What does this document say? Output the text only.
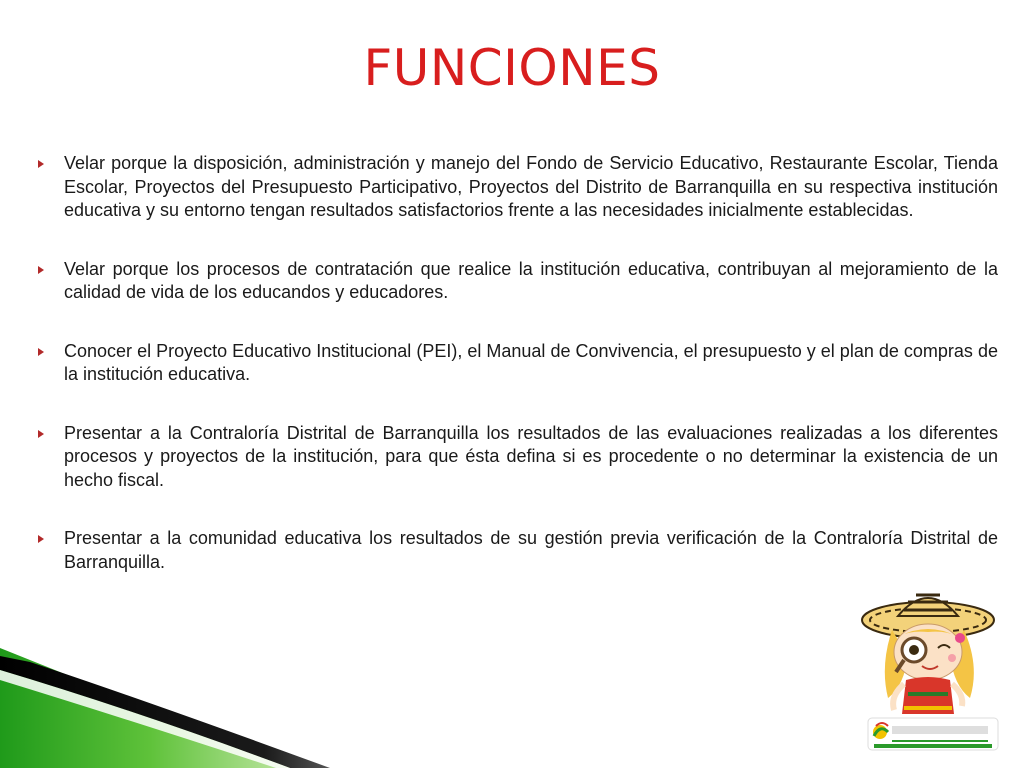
FUNCIONES
Velar porque la disposición, administración y manejo del Fondo de Servicio Educativo, Restaurante Escolar, Tienda Escolar, Proyectos del Presupuesto Participativo, Proyectos del Distrito de Barranquilla en su respectiva institución educativa y su entorno tengan resultados satisfactorios frente a las necesidades inicialmente establecidas.
Velar porque los procesos de contratación que realice la institución educativa, contribuyan al mejoramiento de la calidad de vida de los educandos y educadores.
Conocer el Proyecto Educativo Institucional (PEI), el Manual de Convivencia, el presupuesto y el plan de compras de la institución educativa.
Presentar a la Contraloría Distrital de Barranquilla los resultados de las evaluaciones realizadas a los diferentes procesos y proyectos de la institución, para que ésta defina si es procedente o no determinar la existencia de un hecho fiscal.
Presentar a la comunidad educativa los resultados de su gestión previa verificación de la Contraloría Distrital de Barranquilla.
